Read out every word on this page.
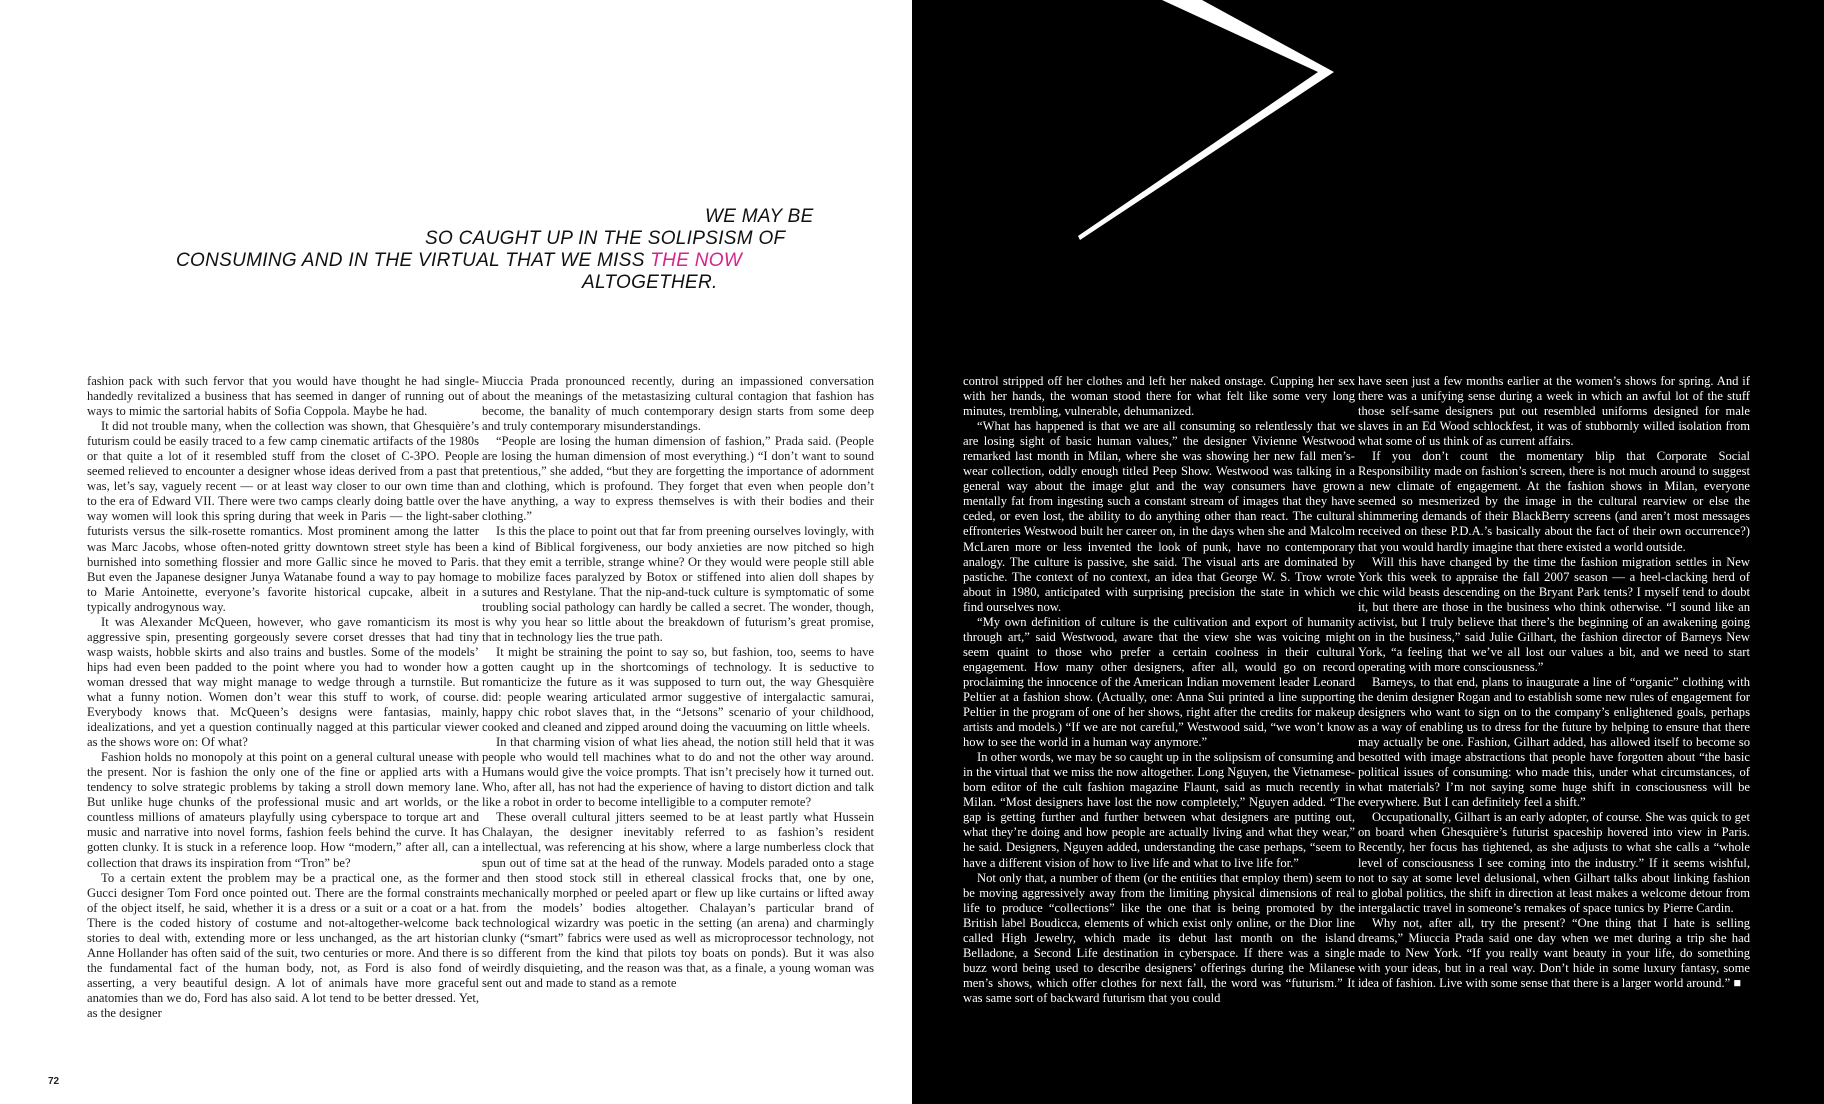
WE MAY BE
SO CAUGHT UP IN THE SOLIPSISM OF
CONSUMING AND IN THE VIRTUAL THAT WE MISS THE NOW
ALTOGETHER.

fashion pack with such fervor that you would have thought he had single-handedly revitalized a business that has seemed in danger of running out of ways to mimic the sartorial habits of Sofia Coppola. Maybe he had.

It did not trouble many, when the collection was shown, that Ghesquière’s futurism could be easily traced to a few camp cinematic artifacts of the 1980s or that quite a lot of it resembled stuff from the closet of C-3PO. People seemed relieved to encounter a designer whose ideas derived from a past that was, let’s say, vaguely recent — or at least way closer to our own time than to the era of Edward VII. There were two camps clearly doing battle over the way women will look this spring during that week in Paris — the light-saber futurists versus the silk-rosette romantics. Most prominent among the latter was Marc Jacobs, whose often-noted gritty downtown street style has been burnished into something flossier and more Gallic since he moved to Paris. But even the Japanese designer Junya Watanabe found a way to pay homage to Marie Antoinette, everyone’s favorite historical cupcake, albeit in a typically androgynous way.

It was Alexander McQueen, however, who gave romanticism its most aggressive spin, presenting gorgeously severe corset dresses that had tiny wasp waists, hobble skirts and also trains and bustles. Some of the models’ hips had even been padded to the point where you had to wonder how a woman dressed that way might manage to wedge through a turnstile. But what a funny notion. Women don’t wear this stuff to work, of course. Everybody knows that. McQueen’s designs were fantasias, mainly, idealizations, and yet a question continually nagged at this particular viewer as the shows wore on: Of what?

Fashion holds no monopoly at this point on a general cultural unease with the present. Nor is fashion the only one of the fine or applied arts with a tendency to solve strategic problems by taking a stroll down memory lane. But unlike huge chunks of the professional music and art worlds, or the countless millions of amateurs playfully using cyberspace to torque art and music and narrative into novel forms, fashion feels behind the curve. It has gotten clunky. It is stuck in a reference loop. How “modern,” after all, can a collection that draws its inspiration from “Tron” be?

To a certain extent the problem may be a practical one, as the former Gucci designer Tom Ford once pointed out. There are the formal constraints of the object itself, he said, whether it is a dress or a suit or a coat or a hat. There is the coded history of costume and not-altogether-welcome back stories to deal with, extending more or less unchanged, as the art historian Anne Hollander has often said of the suit, two centuries or more. And there is the fundamental fact of the human body, not, as Ford is also fond of asserting, a very beautiful design. A lot of animals have more graceful anatomies than we do, Ford has also said. A lot tend to be better dressed. Yet, as the designer

Miuccia Prada pronounced recently, during an impassioned conversation about the meanings of the metastasizing cultural contagion that fashion has become, the banality of much contemporary design starts from some deep and truly contemporary misunderstandings.

“People are losing the human dimension of fashion,” Prada said. (People are losing the human dimension of most everything.) “I don’t want to sound pretentious,” she added, “but they are forgetting the importance of adornment and clothing, which is profound. They forget that even when people don’t have anything, a way to express themselves is with their bodies and their clothing.”

Is this the place to point out that far from preening ourselves lovingly, with a kind of Biblical forgiveness, our body anxieties are now pitched so high that they emit a terrible, strange whine? Or they would were people still able to mobilize faces paralyzed by Botox or stiffened into alien doll shapes by sutures and Restylane. That the nip-and-tuck culture is symptomatic of some troubling social pathology can hardly be called a secret. The wonder, though, is why you hear so little about the breakdown of futurism’s great promise, that in technology lies the true path.

It might be straining the point to say so, but fashion, too, seems to have gotten caught up in the shortcomings of technology. It is seductive to romanticize the future as it was supposed to turn out, the way Ghesquière did: people wearing articulated armor suggestive of intergalactic samurai, happy chic robot slaves that, in the “Jetsons” scenario of your childhood, cooked and cleaned and zipped around doing the vacuuming on little wheels.

In that charming vision of what lies ahead, the notion still held that it was people who would tell machines what to do and not the other way around. Humans would give the voice prompts. That isn’t precisely how it turned out. Who, after all, has not had the experience of having to distort diction and talk like a robot in order to become intelligible to a computer remote?

These overall cultural jitters seemed to be at least partly what Hussein Chalayan, the designer inevitably referred to as fashion’s resident intellectual, was referencing at his show, where a large numberless clock that spun out of time sat at the head of the runway. Models paraded onto a stage and then stood stock still in ethereal classical frocks that, one by one, mechanically morphed or peeled apart or flew up like curtains or lifted away from the models’ bodies altogether. Chalayan’s particular brand of technological wizardry was poetic in the setting (an arena) and charmingly clunky (“smart” fabrics were used as well as microprocessor technology, not so different from the kind that pilots toy boats on ponds). But it was also weirdly disquieting, and the reason was that, as a finale, a young woman was sent out and made to stand as a remote

72

control stripped off her clothes and left her naked onstage. Cupping her sex with her hands, the woman stood there for what felt like some very long minutes, trembling, vulnerable, dehumanized.

“What has happened is that we are all consuming so relentlessly that we are losing sight of basic human values,” the designer Vivienne Westwood remarked last month in Milan, where she was showing her new fall men’s-wear collection, oddly enough titled Peep Show. Westwood was talking in a general way about the image glut and the way consumers have grown mentally fat from ingesting such a constant stream of images that they have ceded, or even lost, the ability to do anything other than react. The cultural effronteries Westwood built her career on, in the days when she and Malcolm McLaren more or less invented the look of punk, have no contemporary analogy. The culture is passive, she said. The visual arts are dominated by pastiche. The context of no context, an idea that George W. S. Trow wrote about in 1980, anticipated with surprising precision the state in which we find ourselves now.

“My own definition of culture is the cultivation and export of humanity through art,” said Westwood, aware that the view she was voicing might seem quaint to those who prefer a certain coolness in their cultural engagement. How many other designers, after all, would go on record proclaiming the innocence of the American Indian movement leader Leonard Peltier at a fashion show. (Actually, one: Anna Sui printed a line supporting Peltier in the program of one of her shows, right after the credits for makeup artists and models.) “If we are not careful,” Westwood said, “we won’t know how to see the world in a human way anymore.”

In other words, we may be so caught up in the solipsism of consuming and in the virtual that we miss the now altogether. Long Nguyen, the Vietnamese-born editor of the cult fashion magazine Flaunt, said as much recently in Milan. “Most designers have lost the now completely,” Nguyen added. “The gap is getting further and further between what designers are putting out, what they’re doing and how people are actually living and what they wear,” he said. Designers, Nguyen added, understanding the case perhaps, “seem to have a different vision of how to live life and what to live life for.”

Not only that, a number of them (or the entities that employ them) seem to be moving aggressively away from the limiting physical dimensions of real life to produce “collections” like the one that is being promoted by the British label Boudicca, elements of which exist only online, or the Dior line called High Jewelry, which made its debut last month on the island Belladone, a Second Life destination in cyberspace. If there was a single buzz word being used to describe designers’ offerings during the Milanese men’s shows, which offer clothes for next fall, the word was “futurism.” It was same sort of backward futurism that you could

have seen just a few months earlier at the women’s shows for spring. And if there was a unifying sense during a week in which an awful lot of the stuff those self-same designers put out resembled uniforms designed for male slaves in an Ed Wood schlockfest, it was of stubbornly willed isolation from what some of us think of as current affairs.

If you don’t count the momentary blip that Corporate Social Responsibility made on fashion’s screen, there is not much around to suggest a new climate of engagement. At the fashion shows in Milan, everyone seemed so mesmerized by the image in the cultural rearview or else the shimmering demands of their BlackBerry screens (and aren’t most messages received on these P.D.A.’s basically about the fact of their own occurrence?) that you would hardly imagine that there existed a world outside.

Will this have changed by the time the fashion migration settles in New York this week to appraise the fall 2007 season — a heel-clacking herd of chic wild beasts descending on the Bryant Park tents? I myself tend to doubt it, but there are those in the business who think otherwise. “I sound like an activist, but I truly believe that there’s the beginning of an awakening going on in the business,” said Julie Gilhart, the fashion director of Barneys New York, “a feeling that we’ve all lost our values a bit, and we need to start operating with more consciousness.”

Barneys, to that end, plans to inaugurate a line of “organic” clothing with the denim designer Rogan and to establish some new rules of engagement for designers who want to sign on to the company’s enlightened goals, perhaps as a way of enabling us to dress for the future by helping to ensure that there may actually be one. Fashion, Gilhart added, has allowed itself to become so besotted with image abstractions that people have forgotten about “the basic political issues of consuming: who made this, under what circumstances, of what materials? I’m not saying some huge shift in consciousness will be everywhere. But I can definitely feel a shift.”

Occupationally, Gilhart is an early adopter, of course. She was quick to get on board when Ghesquière’s futurist spaceship hovered into view in Paris. Recently, her focus has tightened, as she adjusts to what she calls a “whole level of consciousness I see coming into the industry.” If it seems wishful, not to say at some level delusional, when Gilhart talks about linking fashion to global politics, the shift in direction at least makes a welcome detour from intergalactic travel in someone’s remakes of space tunics by Pierre Cardin.

Why not, after all, try the present? “One thing that I hate is selling dreams,” Miuccia Prada said one day when we met during a trip she had made to New York. “If you really want beauty in your life, do something with your ideas, but in a real way. Don’t hide in some luxury fantasy, some idea of fashion. Live with some sense that there is a larger world around.” ■
